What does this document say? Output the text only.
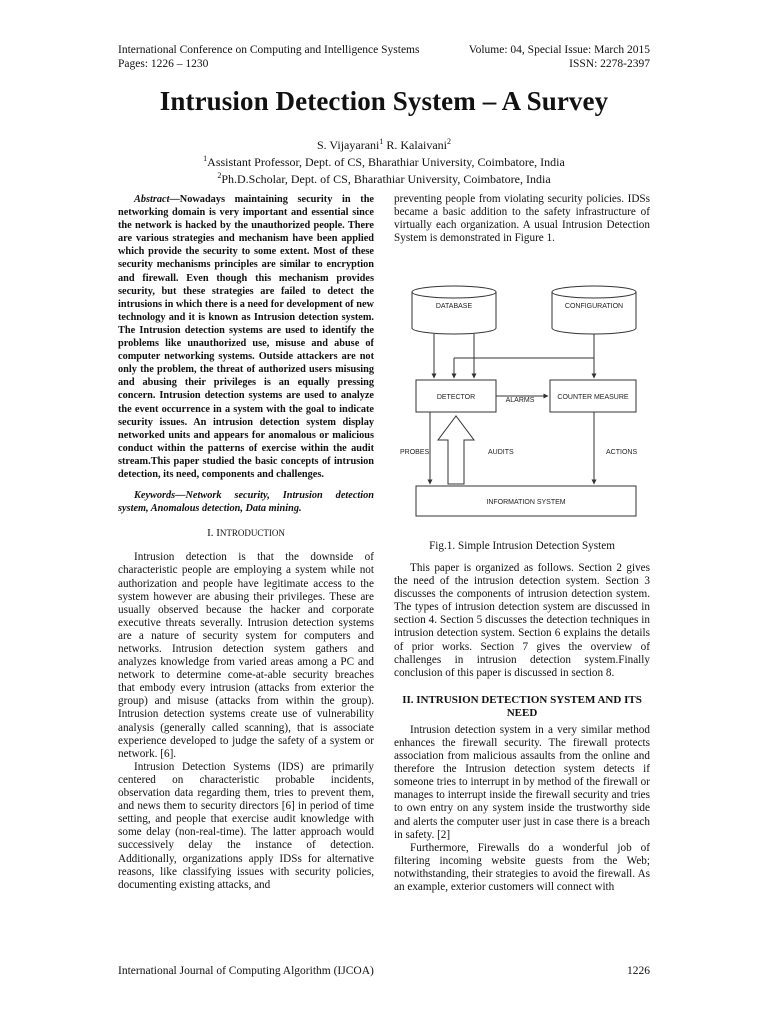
International Conference on Computing and Intelligence Systems
Pages: 1226 – 1230
Volume: 04, Special Issue: March 2015
ISSN: 2278-2397
Intrusion Detection System – A Survey
S. Vijayarani$^1$ R. Kalaivani$^2$
$^1$Assistant Professor, Dept. of CS, Bharathiar University, Coimbatore, India
$^2$Ph.D.Scholar, Dept. of CS, Bharathiar University, Coimbatore, India

Abstract—Nowadays maintaining security in the networking domain is very important and essential since the network is hacked by the unauthorized people. There are various strategies and mechanism have been applied which provide the security to some extent. Most of these security mechanisms principles are similar to encryption and firewall. Even though this mechanism provides security, but these strategies are failed to detect the intrusions in which there is a need for development of new technology and it is known as Intrusion detection system. The Intrusion detection systems are used to identify the problems like unauthorized use, misuse and abuse of computer networking systems. Outside attackers are not only the problem, the threat of authorized users misusing and abusing their privileges is an equally pressing concern. Intrusion detection systems are used to analyze the event occurrence in a system with the goal to indicate security issues. An intrusion detection system display networked units and appears for anomalous or malicious conduct within the patterns of exercise within the audit stream.This paper studied the basic concepts of intrusion detection, its need, components and challenges.

Keywords—Network security, Intrusion detection system, Anomalous detection, Data mining.

I. INTRODUCTION

Intrusion detection is that the downside of characteristic people are employing a system while not authorization and people have legitimate access to the system however are abusing their privileges. These are usually observed because the hacker and corporate executive threats severally. Intrusion detection systems are a nature of security system for computers and networks. Intrusion detection system gathers and analyzes knowledge from varied areas among a PC and network to determine come-at-able security breaches that embody every intrusion (attacks from exterior the group) and misuse (attacks from within the group). Intrusion detection systems create use of vulnerability analysis (generally called scanning), that is associate experience developed to judge the safety of a system or network. [6].

Intrusion Detection Systems (IDS) are primarily centered on characteristic probable incidents, observation data regarding them, tries to prevent them, and news them to security directors [6] in period of time setting, and people that exercise audit knowledge with some delay (non-real-time). The latter approach would successively delay the instance of detection. Additionally, organizations apply IDSs for alternative reasons, like classifying issues with security policies, documenting existing attacks, and

preventing people from violating security policies. IDSs became a basic addition to the safety infrastructure of virtually each organization. A usual Intrusion Detection System is demonstrated in Figure 1.

DATABASE	CONFIGURATION
DETECTOR	ALARMS	COUNTER MEASURE
PROBES	AUDITS	ACTIONS
INFORMATION SYSTEM
Fig.1. Simple Intrusion Detection System

This paper is organized as follows. Section 2 gives the need of the intrusion detection system. Section 3 discusses the components of intrusion detection system. The types of intrusion detection system are discussed in section 4. Section 5 discusses the detection techniques in intrusion detection system. Section 6 explains the details of prior works. Section 7 gives the overview of challenges in intrusion detection system.Finally conclusion of this paper is discussed in section 8.

II. INTRUSION DETECTION SYSTEM AND ITS NEED

Intrusion detection system in a very similar method enhances the firewall security. The firewall protects association from malicious assaults from the online and therefore the Intrusion detection system detects if someone tries to interrupt in by method of the firewall or manages to interrupt inside the firewall security and tries to own entry on any system inside the trustworthy side and alerts the computer user just in case there is a breach in safety. [2]

Furthermore, Firewalls do a wonderful job of filtering incoming website guests from the Web; notwithstanding, their strategies to avoid the firewall. As an example, exterior customers will connect with

International Journal of Computing Algorithm (IJCOA)	1226
